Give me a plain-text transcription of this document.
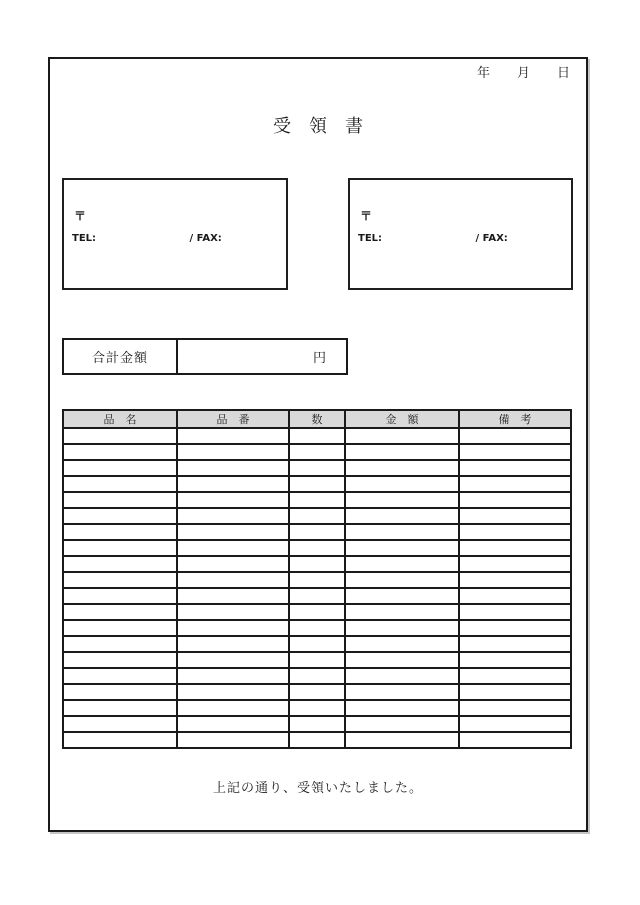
年 月 日
受　領　書
〒
TEL:	/ FAX:
〒
TEL:	/ FAX:
合計金額	円
品　名	品　番	数	金　額	備　考

上記の通り、受領いたしました。
